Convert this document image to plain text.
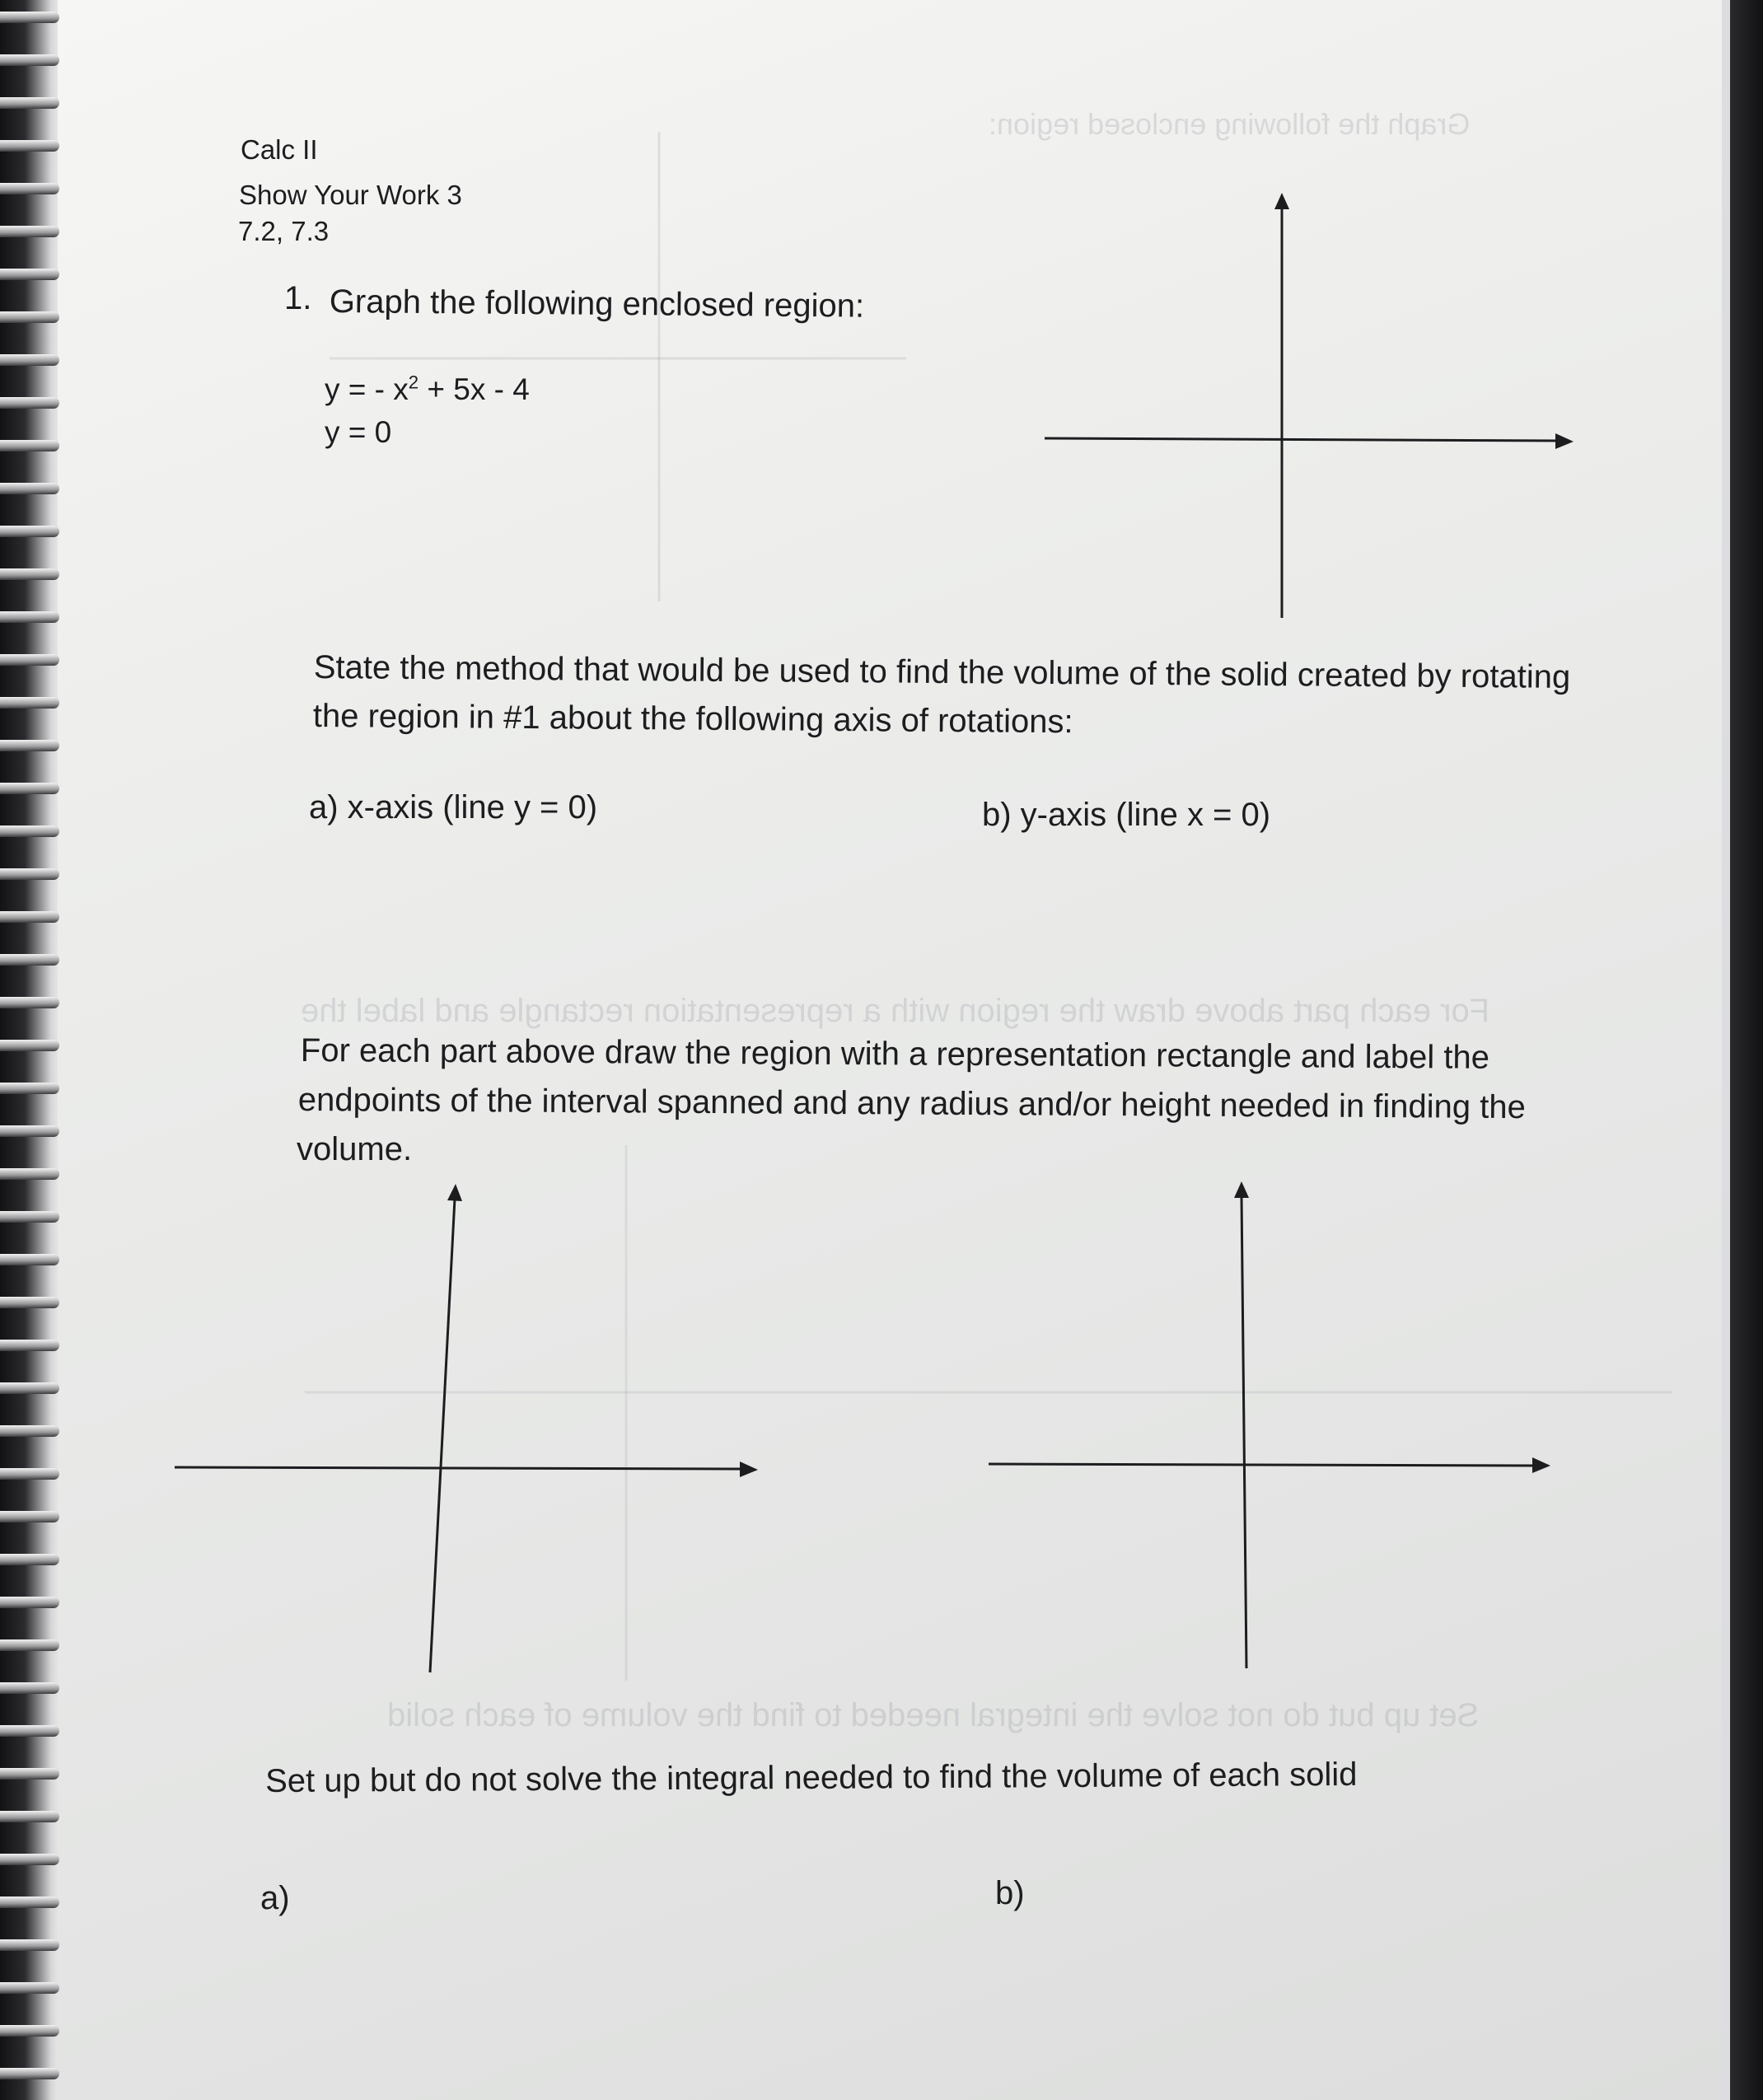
Graph the following enclosed region:
For each part above draw the region with a representation rectangle and label the
Set up but do not solve the integral needed to find the volume of each solid
Calc II
Show Your Work 3
7.2, 7.3
1. Graph the following enclosed region:
y = - $x^2 + 5x - 4$
y = 0
State the method that would be used to find the volume of the solid created by rotating
the region in #1 about the following axis of rotations:
a) x-axis (line y = 0)	b) y-axis (line x = 0)
For each part above draw the region with a representation rectangle and label the
endpoints of the interval spanned and any radius and/or height needed in finding the
volume.
Set up but do not solve the integral needed to find the volume of each solid
a)	b)
